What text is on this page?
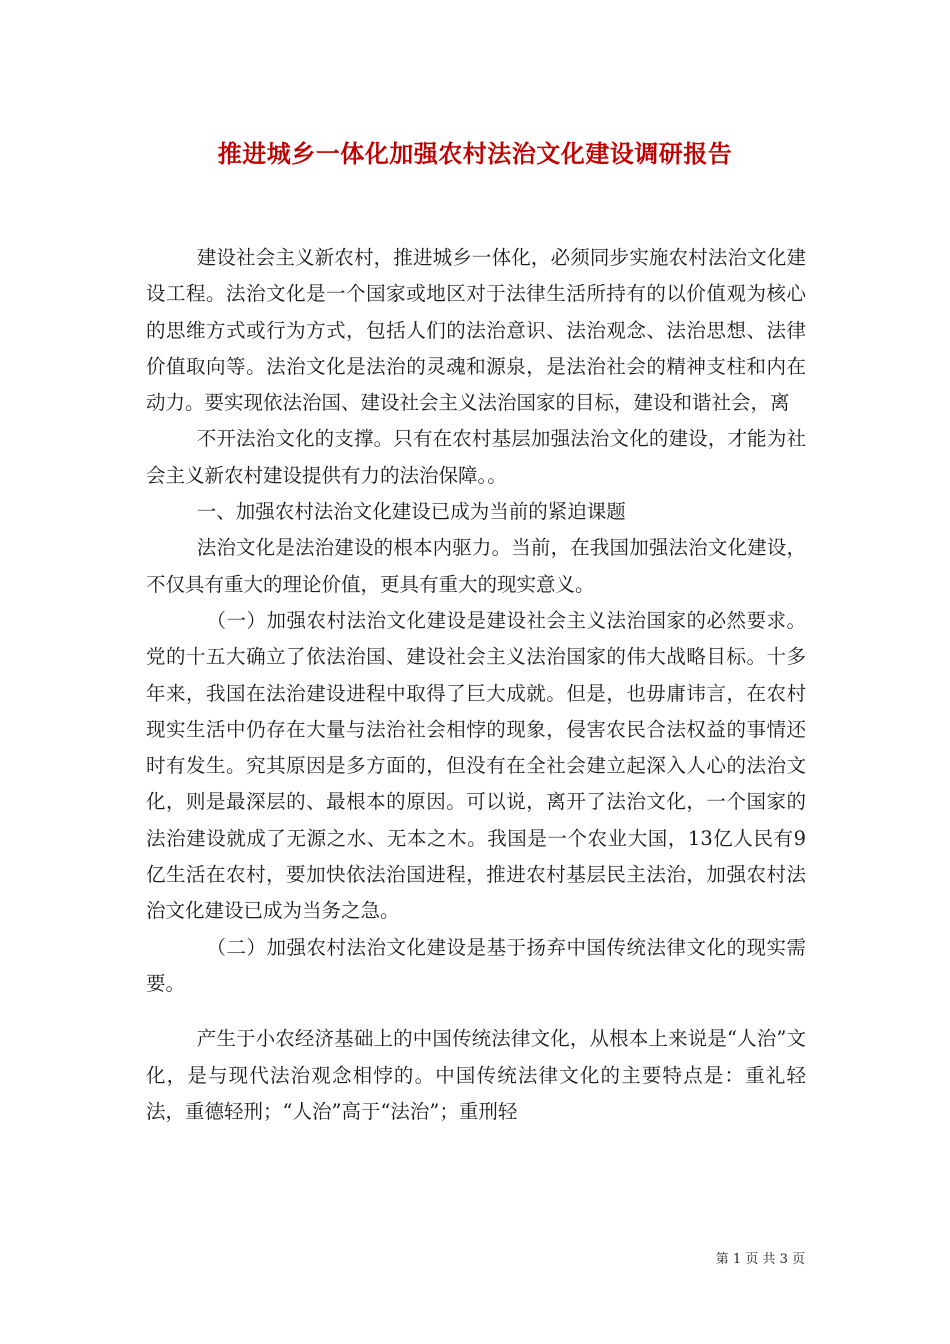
推进城乡一体化加强农村法治文化建设调研报告

建设社会主义新农村，推进城乡一体化，必须同步实施农村法治文化建设工程。法治文化是一个国家或地区对于法律生活所持有的以价值观为核心的思维方式或行为方式，包括人们的法治意识、法治观念、法治思想、法律价值取向等。法治文化是法治的灵魂和源泉，是法治社会的精神支柱和内在动力。要实现依法治国、建设社会主义法治国家的目标，建设和谐社会，离

不开法治文化的支撑。只有在农村基层加强法治文化的建设，才能为社会主义新农村建设提供有力的法治保障。。

一、加强农村法治文化建设已成为当前的紧迫课题

法治文化是法治建设的根本内驱力。当前，在我国加强法治文化建设，不仅具有重大的理论价值，更具有重大的现实意义。

（一）加强农村法治文化建设是建设社会主义法治国家的必然要求。党的十五大确立了依法治国、建设社会主义法治国家的伟大战略目标。十多年来，我国在法治建设进程中取得了巨大成就。但是，也毋庸讳言，在农村现实生活中仍存在大量与法治社会相悖的现象，侵害农民合法权益的事情还时有发生。究其原因是多方面的，但没有在全社会建立起深入人心的法治文化，则是最深层的、最根本的原因。可以说，离开了法治文化，一个国家的法治建设就成了无源之水、无本之木。我国是一个农业大国，13亿人民有9亿生活在农村，要加快依法治国进程，推进农村基层民主法治，加强农村法治文化建设已成为当务之急。

（二）加强农村法治文化建设是基于扬弃中国传统法律文化的现实需要。

产生于小农经济基础上的中国传统法律文化，从根本上来说是“人治”文化，是与现代法治观念相悖的。中国传统法律文化的主要特点是：重礼轻法，重德轻刑；“人治”高于“法治”；重刑轻

第 1 页 共 3 页
